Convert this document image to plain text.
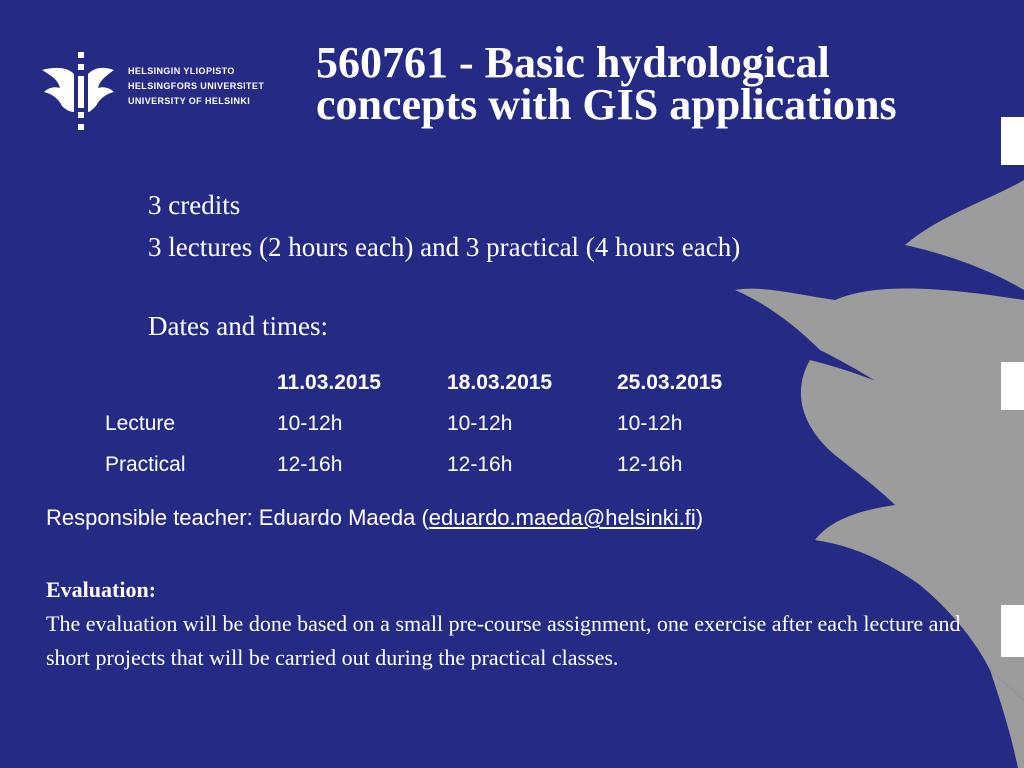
HELSINGIN YLIOPISTO
HELSINGFORS UNIVERSITET
UNIVERSITY OF HELSINKI
560761 - Basic hydrological concepts with GIS applications
3 credits
3 lectures (2 hours each) and 3 practical (4 hours each)
Dates and times:
	11.03.2015	18.03.2015	25.03.2015
Lecture	10-12h	10-12h	10-12h
Practical	12-16h	12-16h	12-16h
Responsible teacher: Eduardo Maeda (eduardo.maeda@helsinki.fi)
Evaluation:
The evaluation will be done based on a small pre-course assignment, one exercise after each lecture and short projects that will be carried out during the practical classes.
